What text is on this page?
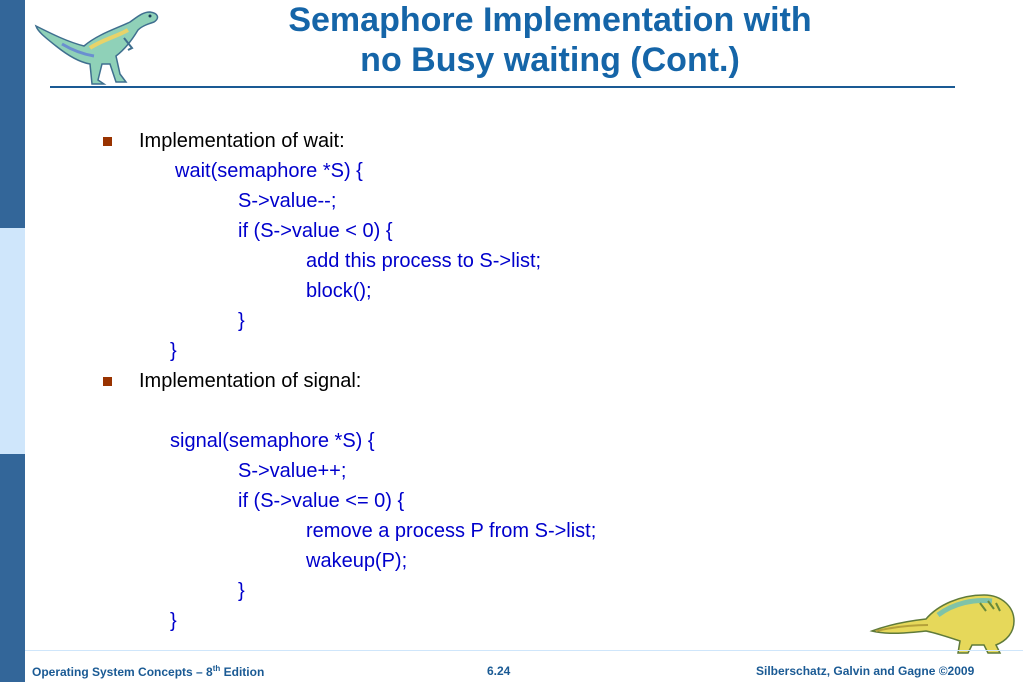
Semaphore Implementation with
no Busy waiting (Cont.)
Implementation of wait:
wait(semaphore *S) {
S->value--;
if (S->value < 0) {
add this process to S->list;
block();
}
}
Implementation of signal:
signal(semaphore *S) {
S->value++;
if (S->value <= 0) {
remove a process P from S->list;
wakeup(P);
}
}
Operating System Concepts – 8th Edition	6.24	Silberschatz, Galvin and Gagne ©2009
